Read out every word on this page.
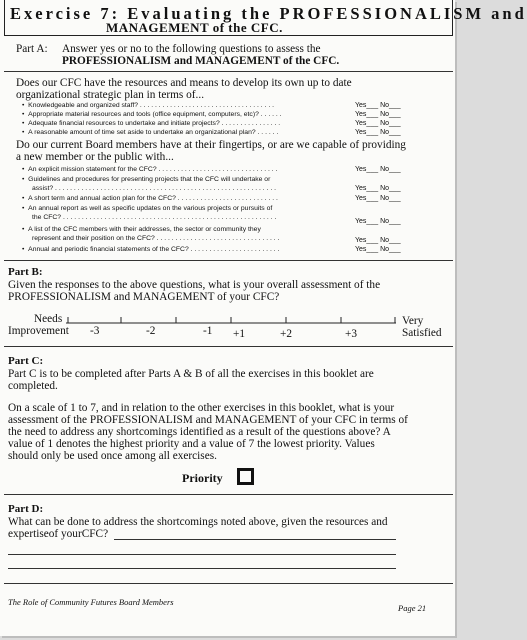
Exercise 7: Evaluating the PROFESSIONALISM and
MANAGEMENT of the CFC.
Part A: Answer yes or no to the following questions to assess the
PROFESSIONALISM and MANAGEMENT of the CFC.
Does our CFC have the resources and means to develop its own up to date
organizational strategic plan in terms of...
•  Knowledgeable and organized staff? . . . . . . . . . . . . . . . . . . . . . . . . . . . . . . . . . . . .	Yes___ No___
•  Appropriate material resources and tools (office equipment, computers, etc)? . . . . . .	Yes___ No___
•  Adequate financial resources to undertake and initiate projects? . . . . . . . . . . . . . . . .	Yes___ No___
•  A reasonable amount of time set aside to undertake an organizational plan? . . . . . .	Yes___ No___
Do our current Board members have at their fingertips, or are we capable of providing
a new member or the public with...
•  An explicit mission statement for the CFC? . . . . . . . . . . . . . . . . . . . . . . . . . . . . . . . .	Yes___ No___
•  Guidelines and procedures for presenting projects that the CFC will undertake or
assist? . . . . . . . . . . . . . . . . . . . . . . . . . . . . . . . . . . . . . . . . . . . . . . . . . . . . . . . . . . .	Yes___ No___
•  A short term and annual action plan for the CFC? . . . . . . . . . . . . . . . . . . . . . . . . . . .	Yes___ No___
•  An annual report as well as specific updates on the various projects or pursuits of
the CFC? . . . . . . . . . . . . . . . . . . . . . . . . . . . . . . . . . . . . . . . . . . . . . . . . . . . . . . . . .
Yes___ No___
•  A list of the CFC members with their addresses, the sector or community they
represent and their position on the CFC? . . . . . . . . . . . . . . . . . . . . . . . . . . . . . . . . .	Yes___ No___
•  Annual and periodic financial statements of the CFC? . . . . . . . . . . . . . . . . . . . . . . . .	Yes___ No___
Part B:
Given the responses to the above questions, what is your overall assessment of the
PROFESSIONALISM and MANAGEMENT of your CFC?
Needs
Improvement
Very
Satisfied
-3	-2	-1 +1	+2	+3
Part C:
Part C is to be completed after Parts A & B of all the exercises in this booklet are
completed.
On a scale of 1 to 7, and in relation to the other exercises in this booklet, what is your
assessment of the PROFESSIONALISM and MANAGEMENT of your CFC in terms of
the need to address any shortcomings identified as a result of the questions above? A
value of 1 denotes the highest priority and a value of 7 the lowest priority. Values
should only be used once among all exercises.
Priority
Part D:
What can be done to address the shortcomings noted above, given the resources and
expertiseof yourCFC?
The Role of Community Futures Board Members
Page 21
